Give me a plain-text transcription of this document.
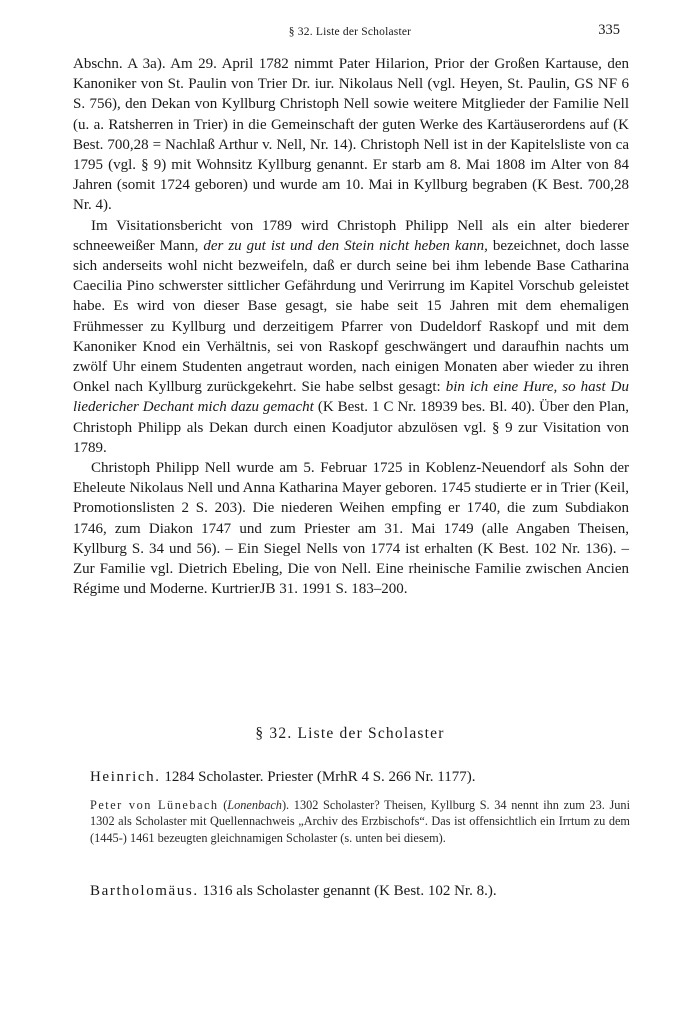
§ 32. Liste der Scholaster	335

Abschn. A 3a). Am 29. April 1782 nimmt Pater Hilarion, Prior der Großen Kartause, den Kanoniker von St. Paulin von Trier Dr. iur. Nikolaus Nell (vgl. Heyen, St. Paulin, GS NF 6 S. 756), den Dekan von Kyllburg Christoph Nell sowie weitere Mitglieder der Familie Nell (u. a. Ratsherren in Trier) in die Gemeinschaft der guten Werke des Kartäuserordens auf (K Best. 700,28 = Nachlaß Arthur v. Nell, Nr. 14). Christoph Nell ist in der Kapitelsliste von ca 1795 (vgl. § 9) mit Wohnsitz Kyllburg genannt. Er starb am 8. Mai 1808 im Alter von 84 Jahren (somit 1724 geboren) und wurde am 10. Mai in Kyllburg begraben (K Best. 700,28 Nr. 4).

Im Visitationsbericht von 1789 wird Christoph Philipp Nell als ein alter biederer schneeweißer Mann, der zu gut ist und den Stein nicht heben kann, bezeichnet, doch lasse sich anderseits wohl nicht bezweifeln, daß er durch seine bei ihm lebende Base Catharina Caecilia Pino schwerster sittlicher Gefährdung und Verirrung im Kapitel Vorschub geleistet habe. Es wird von dieser Base gesagt, sie habe seit 15 Jahren mit dem ehemaligen Frühmesser zu Kyllburg und derzeitigem Pfarrer von Dudeldorf Raskopf und mit dem Kanoniker Knod ein Verhältnis, sei von Raskopf geschwängert und daraufhin nachts um zwölf Uhr einem Studenten angetraut worden, nach einigen Monaten aber wieder zu ihren Onkel nach Kyllburg zurückgekehrt. Sie habe selbst gesagt: bin ich eine Hure, so hast Du liedericher Dechant mich dazu gemacht (K Best. 1 C Nr. 18939 bes. Bl. 40). Über den Plan, Christoph Philipp als Dekan durch einen Koadjutor abzulösen vgl. § 9 zur Visitation von 1789.

Christoph Philipp Nell wurde am 5. Februar 1725 in Koblenz-Neuendorf als Sohn der Eheleute Nikolaus Nell und Anna Katharina Mayer geboren. 1745 studierte er in Trier (Keil, Promotionslisten 2 S. 203). Die niederen Weihen empfing er 1740, die zum Subdiakon 1746, zum Diakon 1747 und zum Priester am 31. Mai 1749 (alle Angaben Theisen, Kyllburg S. 34 und 56). – Ein Siegel Nells von 1774 ist erhalten (K Best. 102 Nr. 136). – Zur Familie vgl. Dietrich Ebeling, Die von Nell. Eine rheinische Familie zwischen Ancien Régime und Moderne. KurtrierJB 31. 1991 S. 183–200.

§ 32. Liste der Scholaster
Heinrich. 1284 Scholaster. Priester (MrhR 4 S. 266 Nr. 1177).
Peter von Lünebach (Lonenbach). 1302 Scholaster? Theisen, Kyllburg S. 34 nennt ihn zum 23. Juni 1302 als Scholaster mit Quellennachweis „Archiv des Erzbischofs“. Das ist offensichtlich ein Irrtum zu dem (1445-) 1461 bezeugten gleichnamigen Scholaster (s. unten bei diesem).
Bartholomäus. 1316 als Scholaster genannt (K Best. 102 Nr. 8.).
